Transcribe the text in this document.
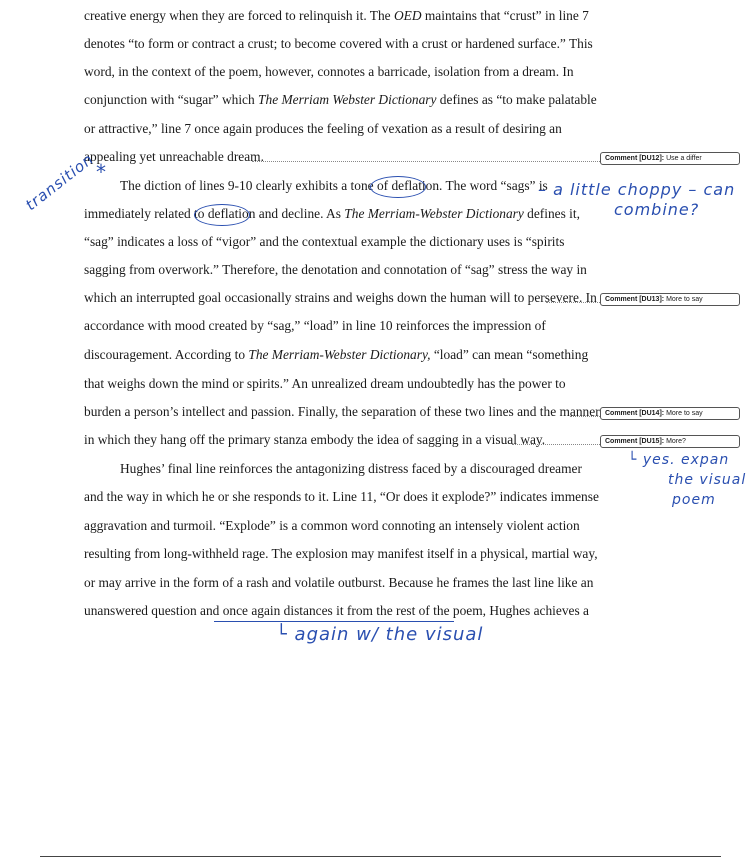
creative energy when they are forced to relinquish it. The OED maintains that “crust” in line 7
denotes “to form or contract a crust; to become covered with a crust or hardened surface.” This
word, in the context of the poem, however, connotes a barricade, isolation from a dream. In
conjunction with “sugar” which The Merriam Webster Dictionary defines as “to make palatable
or attractive,” line 7 once again produces the feeling of vexation as a result of desiring an
appealing yet unreachable dream.
The diction of lines 9-10 clearly exhibits a tone of deflation. The word “sags” is
immediately related to deflation and decline. As The Merriam-Webster Dictionary defines it,
“sag” indicates a loss of “vigor” and the contextual example the dictionary uses is “spirits
sagging from overwork.” Therefore, the denotation and connotation of “sag” stress the way in
which an interrupted goal occasionally strains and weighs down the human will to persevere. In
accordance with mood created by “sag,” “load” in line 10 reinforces the impression of
discouragement. According to The Merriam-Webster Dictionary, “load” can mean “something
that weighs down the mind or spirits.” An unrealized dream undoubtedly has the power to
burden a person’s intellect and passion. Finally, the separation of these two lines and the manner
in which they hang off the primary stanza embody the idea of sagging in a visual way.
Hughes’ final line reinforces the antagonizing distress faced by a discouraged dreamer
and the way in which he or she responds to it. Line 11, “Or does it explode?” indicates immense
aggravation and turmoil. “Explode” is a common word connoting an intensely violent action
resulting from long-withheld rage. The explosion may manifest itself in a physical, martial way,
or may arrive in the form of a rash and volatile outburst. Because he frames the last line like an
unanswered question and once again distances it from the rest of the poem, Hughes achieves a
Comment [DU12]: Use a differ
Comment [DU13]: More to say
Comment [DU14]: More to say
Comment [DU15]: More?
transition
*
– a little choppy – can
combine?
└ yes. expan
the visual
poem
└ again w/ the visual
